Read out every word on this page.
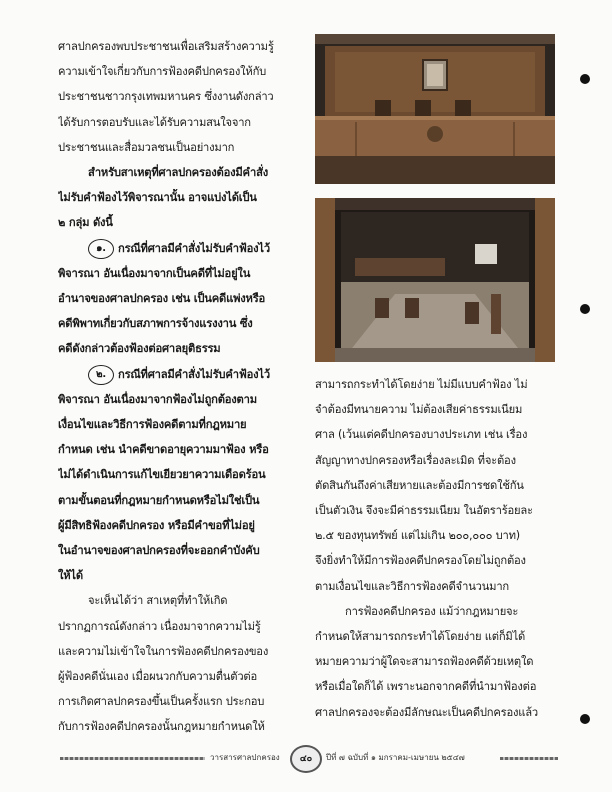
ศาลปกครองพบประชาชนเพื่อเสริมสร้างความรู้
ความเข้าใจเกี่ยวกับการฟ้องคดีปกครองให้กับ
ประชาชนชาวกรุงเทพมหานคร ซึ่งงานดังกล่าว
ได้รับการตอบรับและได้รับความสนใจจาก
ประชาชนและสื่อมวลชนเป็นอย่างมาก
สำหรับสาเหตุที่ศาลปกครองต้องมีคำสั่ง
ไม่รับคำฟ้องไว้พิจารณานั้น อาจแบ่งได้เป็น
๒ กลุ่ม ดังนี้
๑. กรณีที่ศาลมีคำสั่งไม่รับคำฟ้องไว้
พิจารณา อันเนื่องมาจากเป็นคดีที่ไม่อยู่ใน
อำนาจของศาลปกครอง เช่น เป็นคดีแพ่งหรือ
คดีพิพาทเกี่ยวกับสภาพการจ้างแรงงาน ซึ่ง
คดีดังกล่าวต้องฟ้องต่อศาลยุติธรรม
๒. กรณีที่ศาลมีคำสั่งไม่รับคำฟ้องไว้
พิจารณา อันเนื่องมาจากฟ้องไม่ถูกต้องตาม
เงื่อนไขและวิธีการฟ้องคดีตามที่กฎหมาย
กำหนด เช่น นำคดีขาดอายุความมาฟ้อง หรือ
ไม่ได้ดำเนินการแก้ไขเยียวยาความเดือดร้อน
ตามขั้นตอนที่กฎหมายกำหนดหรือไม่ใช่เป็น
ผู้มีสิทธิฟ้องคดีปกครอง หรือมีคำขอที่ไม่อยู่
ในอำนาจของศาลปกครองที่จะออกคำบังคับ
ให้ได้
จะเห็นได้ว่า สาเหตุที่ทำให้เกิด
ปรากฏการณ์ดังกล่าว เนื่องมาจากความไม่รู้
และความไม่เข้าใจในการฟ้องคดีปกครองของ
ผู้ฟ้องคดีนั่นเอง เมื่อผนวกกับความตื่นตัวต่อ
การเกิดศาลปกครองขึ้นเป็นครั้งแรก ประกอบ
กับการฟ้องคดีปกครองนั้นกฎหมายกำหนดให้
สามารถกระทำได้โดยง่าย ไม่มีแบบคำฟ้อง ไม่
จำต้องมีทนายความ ไม่ต้องเสียค่าธรรมเนียม
ศาล (เว้นแต่คดีปกครองบางประเภท เช่น เรื่อง
สัญญาทางปกครองหรือเรื่องละเมิด ที่จะต้อง
ตัดสินกันถึงค่าเสียหายและต้องมีการชดใช้กัน
เป็นตัวเงิน จึงจะมีค่าธรรมเนียม ในอัตราร้อยละ
๒.๕ ของทุนทรัพย์ แต่ไม่เกิน ๒๐๐,๐๐๐ บาท)
จึงยิ่งทำให้มีการฟ้องคดีปกครองโดยไม่ถูกต้อง
ตามเงื่อนไขและวิธีการฟ้องคดีจำนวนมาก
การฟ้องคดีปกครอง แม้ว่ากฎหมายจะ
กำหนดให้สามารถกระทำได้โดยง่าย แต่ก็มิได้
หมายความว่าผู้ใดจะสามารถฟ้องคดีด้วยเหตุใด
หรือเมื่อใดก็ได้ เพราะนอกจากคดีที่นำมาฟ้องต่อ
ศาลปกครองจะต้องมีลักษณะเป็นคดีปกครองแล้ว
วารสารศาลปกครอง	๔๐	ปีที่ ๗ ฉบับที่ ๑ มกราคม-เมษายน ๒๕๔๗
